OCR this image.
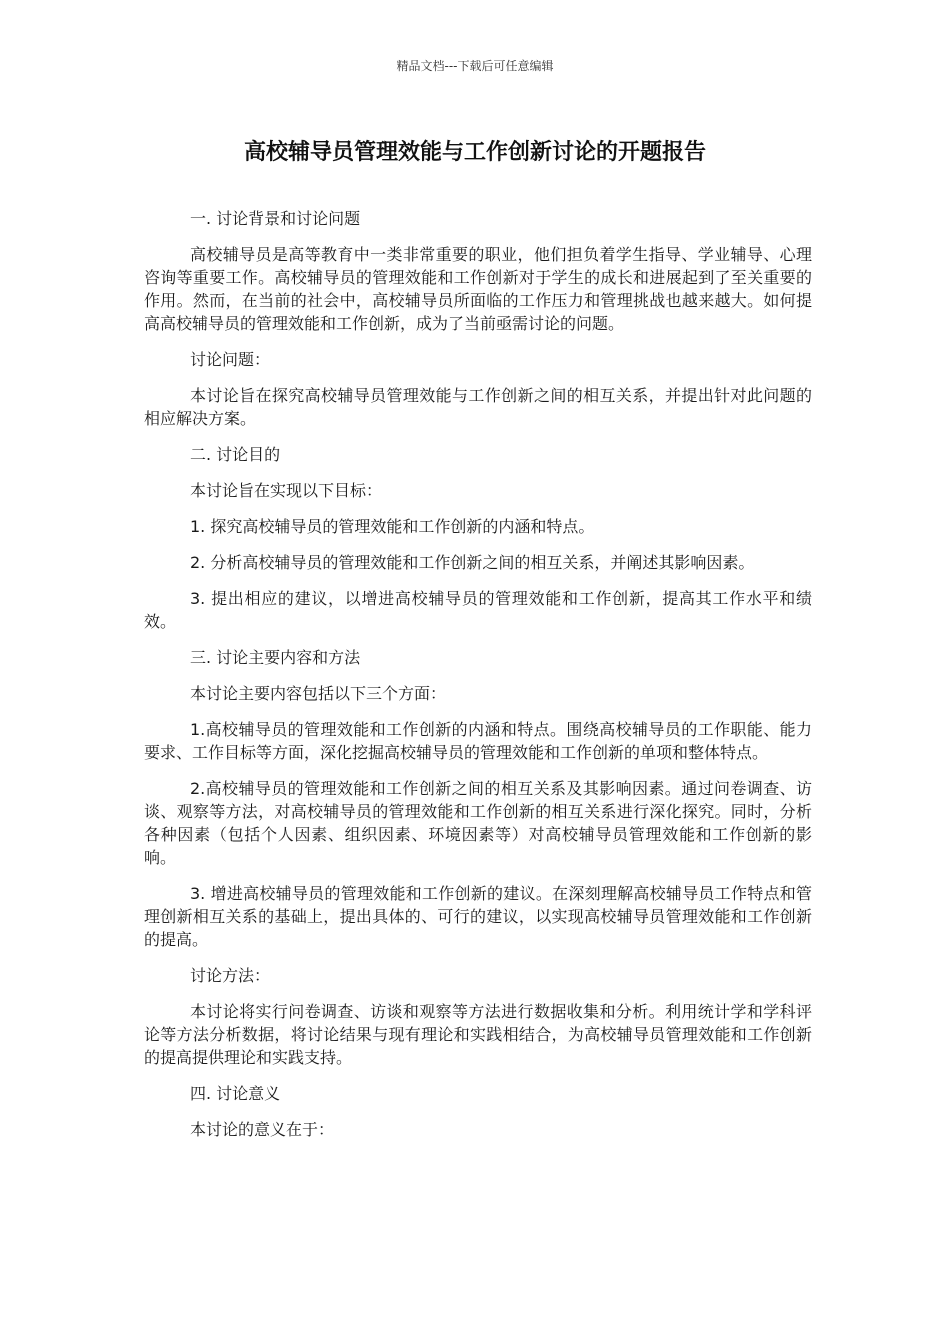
精品文档---下载后可任意编辑
高校辅导员管理效能与工作创新讨论的开题报告

一. 讨论背景和讨论问题

高校辅导员是高等教育中一类非常重要的职业，他们担负着学生指导、学业辅导、心理咨询等重要工作。高校辅导员的管理效能和工作创新对于学生的成长和进展起到了至关重要的作用。然而，在当前的社会中，高校辅导员所面临的工作压力和管理挑战也越来越大。如何提高高校辅导员的管理效能和工作创新，成为了当前亟需讨论的问题。

讨论问题：

本讨论旨在探究高校辅导员管理效能与工作创新之间的相互关系，并提出针对此问题的相应解决方案。

二. 讨论目的

本讨论旨在实现以下目标：

1. 探究高校辅导员的管理效能和工作创新的内涵和特点。

2. 分析高校辅导员的管理效能和工作创新之间的相互关系，并阐述其影响因素。

3. 提出相应的建议，以增进高校辅导员的管理效能和工作创新，提高其工作水平和绩效。

三. 讨论主要内容和方法

本讨论主要内容包括以下三个方面：

1.高校辅导员的管理效能和工作创新的内涵和特点。围绕高校辅导员的工作职能、能力要求、工作目标等方面，深化挖掘高校辅导员的管理效能和工作创新的单项和整体特点。

2.高校辅导员的管理效能和工作创新之间的相互关系及其影响因素。通过问卷调查、访谈、观察等方法，对高校辅导员的管理效能和工作创新的相互关系进行深化探究。同时，分析各种因素（包括个人因素、组织因素、环境因素等）对高校辅导员管理效能和工作创新的影响。

3. 增进高校辅导员的管理效能和工作创新的建议。在深刻理解高校辅导员工作特点和管理创新相互关系的基础上，提出具体的、可行的建议，以实现高校辅导员管理效能和工作创新的提高。

讨论方法：

本讨论将实行问卷调查、访谈和观察等方法进行数据收集和分析。利用统计学和学科评论等方法分析数据，将讨论结果与现有理论和实践相结合，为高校辅导员管理效能和工作创新的提高提供理论和实践支持。

四. 讨论意义

本讨论的意义在于：
